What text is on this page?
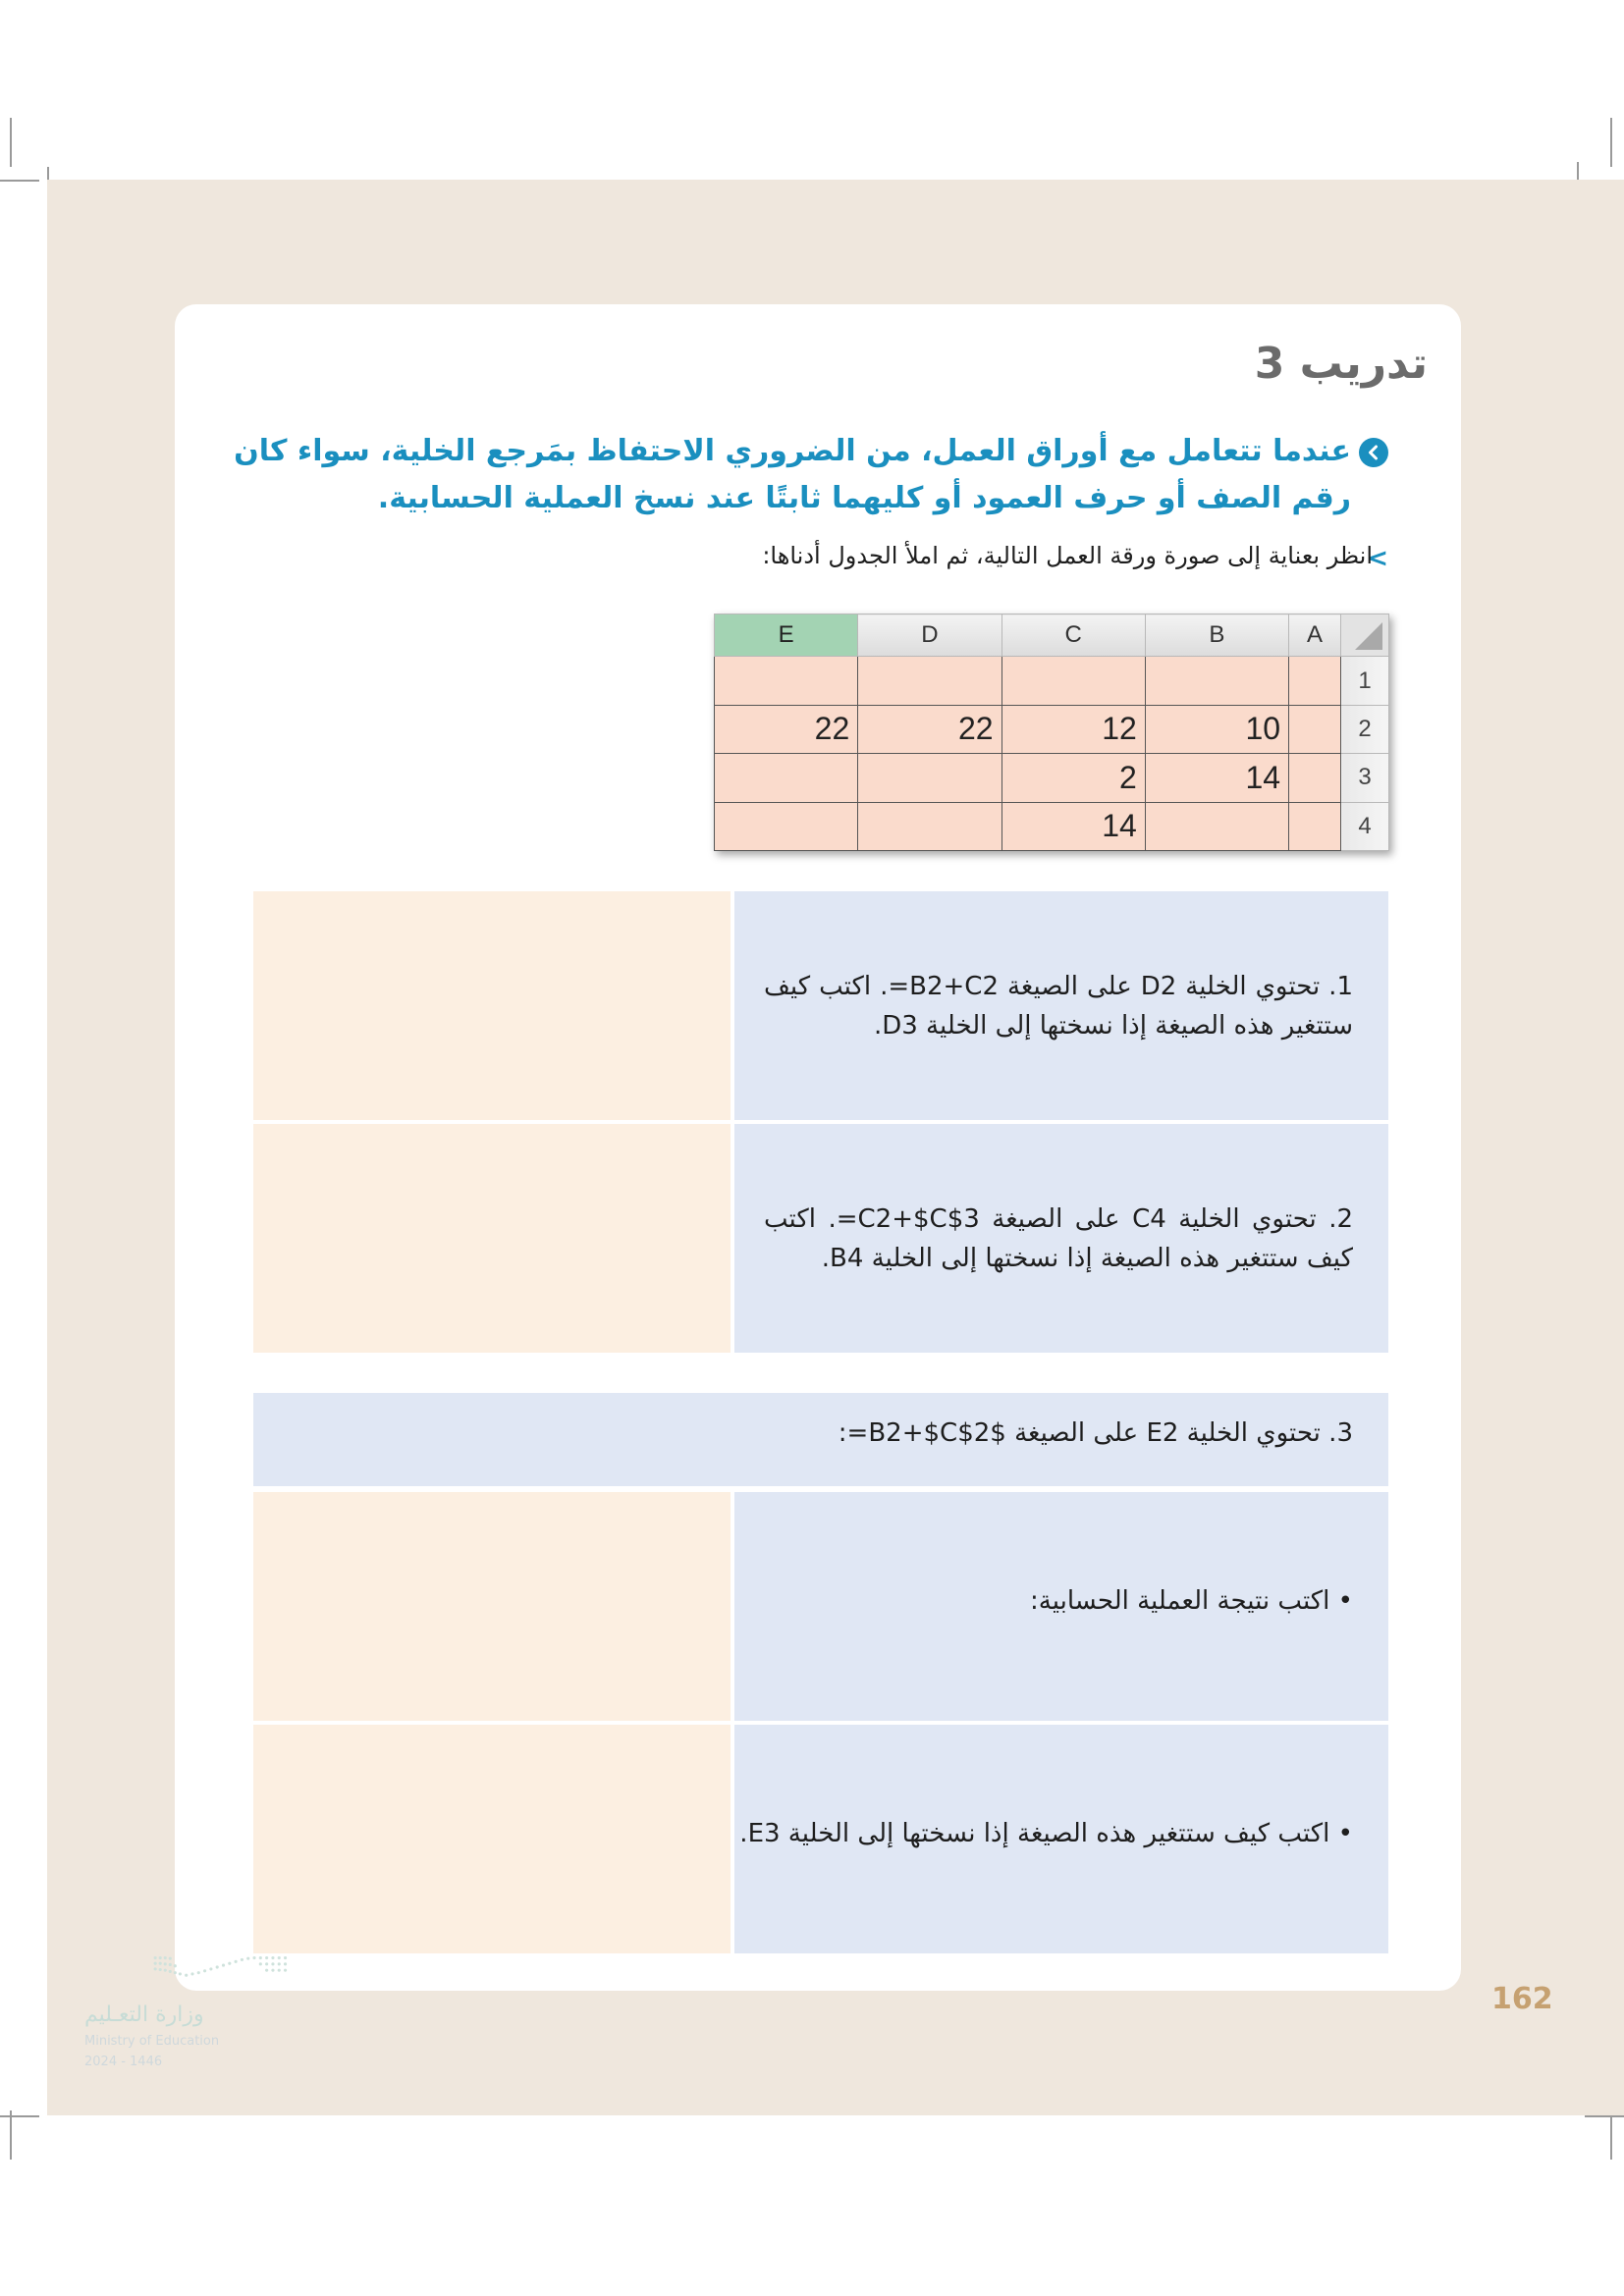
تدريب 3
عندما تتعامل مع أوراق العمل، من الضروري الاحتفاظ بمَرجع الخلية، سواء كان رقم الصف أو حرف العمود أو كليهما ثابتًا عند نسخ العملية الحسابية.
<
انظر بعناية إلى صورة ورقة العمل التالية، ثم املأ الجدول أدناها:
E	D	C	B	A	

					1
22	22	12	10		2
		2	14		3
		14			4
1. تحتوي الخلية D2 على الصيغة B2+C2=. اكتب كيف ستتغير هذه الصيغة إذا نسختها إلى الخلية D3.
2. تحتوي الخلية C4 على الصيغة C2+$C$3=. اكتب كيف ستتغير هذه الصيغة إذا نسختها إلى الخلية B4.
3. تحتوي الخلية E2 على الصيغة $B2+$C$2=:
• اكتب نتيجة العملية الحسابية:
• اكتب كيف ستتغير هذه الصيغة إذا نسختها إلى الخلية E3.
162
وزارة التعـليم
Ministry of Education
2024 - 1446
